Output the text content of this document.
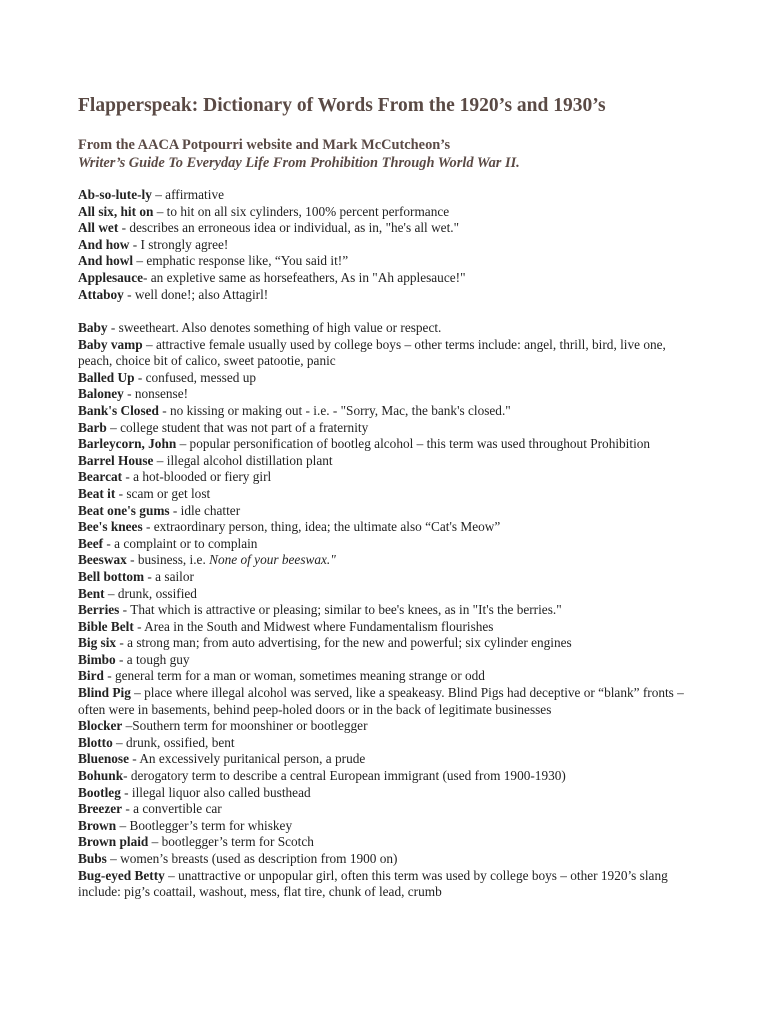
Flapperspeak: Dictionary of Words From the 1920’s and 1930’s
From the AACA Potpourri website and Mark McCutcheon’s
Writer’s Guide To Everyday Life From Prohibition Through World War II.

Ab-so-lute-ly – affirmative

All six, hit on – to hit on all six cylinders, 100% percent performance

All wet - describes an erroneous idea or individual, as in, "he's all wet."

And how - I strongly agree!

And howl – emphatic response like, “You said it!”

Applesauce- an expletive same as horsefeathers, As in "Ah applesauce!"

Attaboy - well done!; also Attagirl!

Baby - sweetheart. Also denotes something of high value or respect.

Baby vamp – attractive female usually used by college boys – other terms include: angel, thrill, bird, live one, peach, choice bit of calico, sweet patootie, panic

Balled Up - confused, messed up

Baloney - nonsense!

Bank's Closed - no kissing or making out - i.e. - "Sorry, Mac, the bank's closed."

Barb – college student that was not part of a fraternity

Barleycorn, John – popular personification of bootleg alcohol – this term was used throughout Prohibition

Barrel House – illegal alcohol distillation plant

Bearcat - a hot-blooded or fiery girl

Beat it - scam or get lost

Beat one's gums - idle chatter

Bee's knees - extraordinary person, thing, idea; the ultimate also “Cat's Meow”

Beef - a complaint or to complain

Beeswax - business, i.e. None of your beeswax."

Bell bottom - a sailor

Bent – drunk, ossified

Berries - That which is attractive or pleasing; similar to bee's knees, as in "It's the berries."

Bible Belt - Area in the South and Midwest where Fundamentalism flourishes

Big six - a strong man; from auto advertising, for the new and powerful; six cylinder engines

Bimbo - a tough guy

Bird - general term for a man or woman, sometimes meaning strange or odd

Blind Pig – place where illegal alcohol was served, like a speakeasy. Blind Pigs had deceptive or “blank” fronts –often were in basements, behind peep-holed doors or in the back of legitimate businesses

Blocker –Southern term for moonshiner or bootlegger

Blotto – drunk, ossified, bent

Bluenose - An excessively puritanical person, a prude

Bohunk- derogatory term to describe a central European immigrant (used from 1900-1930)

Bootleg - illegal liquor also called busthead

Breezer - a convertible car

Brown – Bootlegger’s term for whiskey

Brown plaid – bootlegger’s term for Scotch

Bubs – women’s breasts (used as description from 1900 on)

Bug-eyed Betty – unattractive or unpopular girl, often this term was used by college boys – other 1920’s slang include: pig’s coattail, washout, mess, flat tire, chunk of lead, crumb
